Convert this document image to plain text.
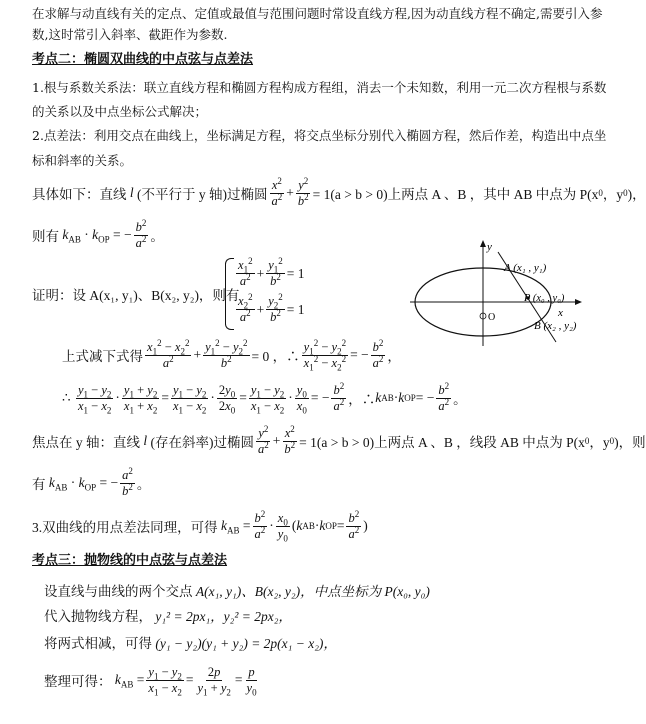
在求解与动直线有关的定点、定值或最值与范围问题时常设直线方程,因为动直线方程不确定,需要引入参
数,这时常引入斜率、截距作为参数.
考点二：椭圆双曲线的中点弦与点差法
1.根与系数关系法：联立直线方程和椭圆方程构成方程组，消去一个未知数，利用一元二次方程根与系数
的关系以及中点坐标公式解决；
2.点差法：利用交点在曲线上，坐标满足方程，将交点坐标分别代入椭圆方程，然后作差，构造出中点坐
标和斜率的关系。
具体如下：直线 l (不平行于 y 轴)过椭圆 $\frac{x^2}{a^2} + \frac{y^2}{b^2} = 1(a > b > 0)$上两点 A 、B ，其中 AB 中点为 P(x 0 ，y 0 )，
则有 $k_{AB} \cdot k_{OP}$ = − $\frac{b^2}{a^2}$ 。
y
x
A (x₁ , y₁)
P (x₀ , y₀)
B (x₂ , y₂)
O
证明：设 A(x₁, y₁)、B(x₂, y₂)，则有
$\frac{x_1^2}{a^2} + \frac{y_1^2}{b^2} = 1$
$\frac{x_2^2}{a^2} + \frac{y_2^2}{b^2} = 1$
上式减下式得 $\frac{x_1^2 - x_2^2}{a^2} + \frac{y_1^2 - y_2^2}{b^2} = 0$ ，∴ $\frac{y_1^2 - y_2^2}{x_1^2 - x_2^2}$ = − $\frac{b^2}{a^2}$ ，
∴ $\frac{y_1 - y_2}{x_1 - x_2} \cdot \frac{y_1 + y_2}{x_1 + x_2} = \frac{y_1 - y_2}{x_1 - x_2} \cdot \frac{2y_0}{2x_0} = \frac{y_1 - y_2}{x_1 - x_2} \cdot \frac{y_0}{x_0}$ = − $\frac{b^2}{a^2}$ ，∴ k AB · k OP = − $\frac{b^2}{a^2}$ 。
焦点在 y 轴：直线 l (存在斜率)过椭圆 $\frac{y^2}{a^2} + \frac{x^2}{b^2} = 1(a > b > 0)$上两点 A 、B ，线段 AB 中点为 P(x 0 ，y 0 )，则
有 $k_{AB} \cdot k_{OP}$ = − $\frac{a^2}{b^2}$ 。
3.双曲线的用点差法同理，可得 $k_{AB} = \frac{b^2}{a^2} \cdot \frac{x_0}{y_0}$ ( k AB · k OP = $\frac{b^2}{a^2}$ )
考点三：抛物线的中点弦与点差法
设直线与曲线的两个交点 A(x₁, y₁)、B(x₂, y₂)，中点坐标为 P(x₀, y₀)
代入抛物线方程， y₁² = 2px₁，y₂² = 2px₂，
将两式相减，可得 (y₁ − y₂)(y₁ + y₂) = 2p(x₁ − x₂)，
整理可得： $k_{AB} = \frac{y_1 - y_2}{x_1 - x_2} = \frac{2p}{y_1 + y_2} = \frac{p}{y_0}$
